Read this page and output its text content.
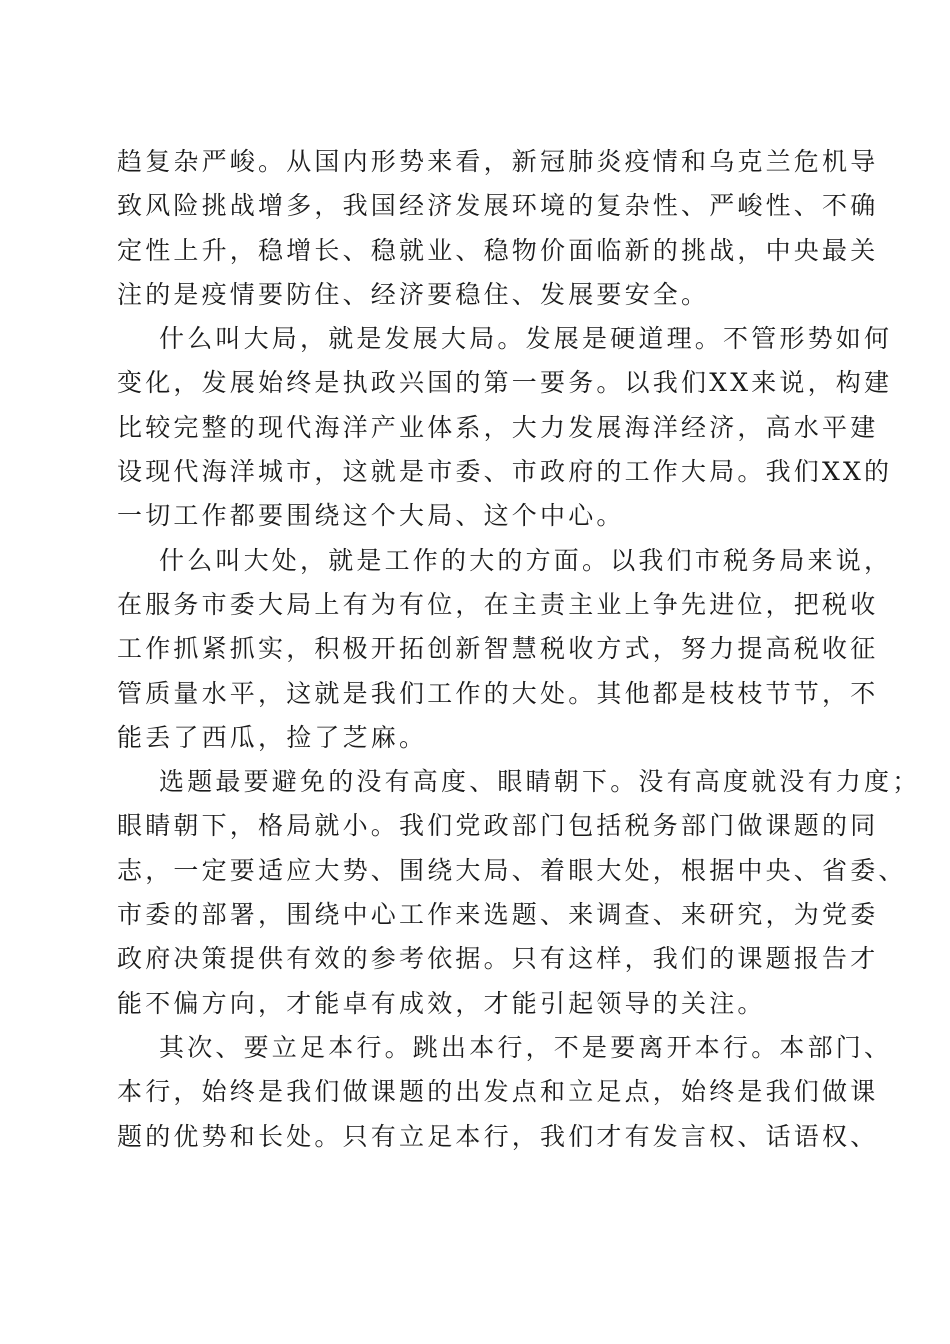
趋复杂严峻。从国内形势来看，新冠肺炎疫情和乌克兰危机导
致风险挑战增多，我国经济发展环境的复杂性、严峻性、不确
定性上升，稳增长、稳就业、稳物价面临新的挑战，中央最关
注的是疫情要防住、经济要稳住、发展要安全。

什么叫大局，就是发展大局。发展是硬道理。不管形势如何
变化，发展始终是执政兴国的第一要务。以我们XX来说，构建
比较完整的现代海洋产业体系，大力发展海洋经济，高水平建
设现代海洋城市，这就是市委、市政府的工作大局。我们XX的
一切工作都要围绕这个大局、这个中心。

什么叫大处，就是工作的大的方面。以我们市税务局来说，
在服务市委大局上有为有位，在主责主业上争先进位，把税收
工作抓紧抓实，积极开拓创新智慧税收方式，努力提高税收征
管质量水平，这就是我们工作的大处。其他都是枝枝节节，不
能丢了西瓜，捡了芝麻。

选题最要避免的没有高度、眼睛朝下。没有高度就没有力度；
眼睛朝下，格局就小。我们党政部门包括税务部门做课题的同
志，一定要适应大势、围绕大局、着眼大处，根据中央、省委、
市委的部署，围绕中心工作来选题、来调查、来研究，为党委
政府决策提供有效的参考依据。只有这样，我们的课题报告才
能不偏方向，才能卓有成效，才能引起领导的关注。

其次、要立足本行。跳出本行，不是要离开本行。本部门、
本行，始终是我们做课题的出发点和立足点，始终是我们做课
题的优势和长处。只有立足本行，我们才有发言权、话语权、
